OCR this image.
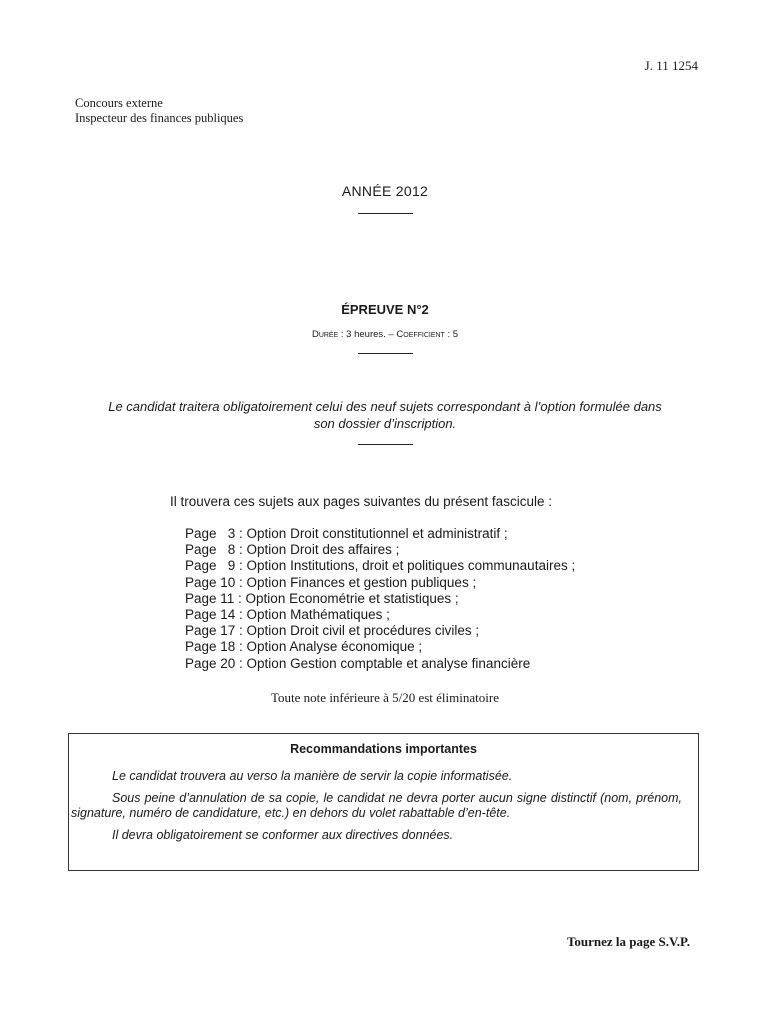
J. 11 1254
Concours externe
Inspecteur des finances publiques
ANNÉE 2012
ÉPREUVE N°2
Durée : 3 heures. – Coefficient : 5
Le candidat traitera obligatoirement celui des neuf sujets correspondant à l’option formulée dans
son dossier d’inscription.
Il trouvera ces sujets aux pages suivantes du présent fascicule :
Page   3 : Option Droit constitutionnel et administratif ;
Page   8 : Option Droit des affaires ;
Page   9 : Option Institutions, droit et politiques communautaires ;
Page 10 : Option Finances et gestion publiques ;
Page 11 : Option Econométrie et statistiques ;
Page 14 : Option Mathématiques ;
Page 17 : Option Droit civil et procédures civiles ;
Page 18 : Option Analyse économique ;
Page 20 : Option Gestion comptable et analyse financière
Toute note inférieure à 5/20 est éliminatoire
Recommandations importantes

Le candidat trouvera au verso la manière de servir la copie informatisée.

Sous peine d’annulation de sa copie, le candidat ne devra porter aucun signe distinctif (nom, prénom, signature, numéro de candidature, etc.) en dehors du volet rabattable d’en-tête.

Il devra obligatoirement se conformer aux directives données.

Tournez la page S.V.P.
